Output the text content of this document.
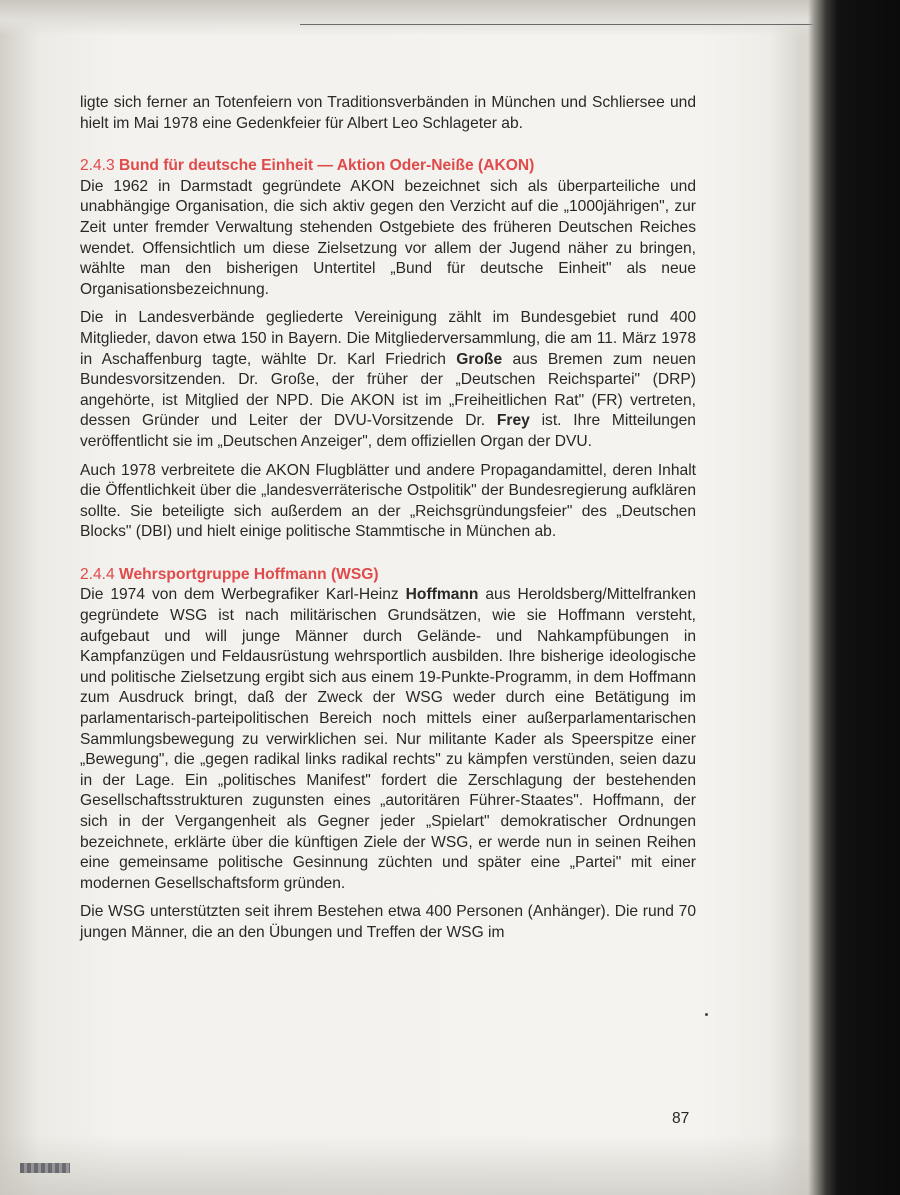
ligte sich ferner an Totenfeiern von Traditionsverbänden in München und Schliersee und hielt im Mai 1978 eine Gedenkfeier für Albert Leo Schlageter ab.

2.4.3 Bund für deutsche Einheit — Aktion Oder-Neiße (AKON)

Die 1962 in Darmstadt gegründete AKON bezeichnet sich als überparteiliche und unabhängige Organisation, die sich aktiv gegen den Verzicht auf die „1000jährigen", zur Zeit unter fremder Verwaltung stehenden Ostgebiete des früheren Deutschen Reiches wendet. Offensichtlich um diese Zielsetzung vor allem der Jugend näher zu bringen, wählte man den bisherigen Untertitel „Bund für deutsche Einheit" als neue Organisationsbezeichnung.

Die in Landesverbände gegliederte Vereinigung zählt im Bundesgebiet rund 400 Mitglieder, davon etwa 150 in Bayern. Die Mitgliederversammlung, die am 11. März 1978 in Aschaffenburg tagte, wählte Dr. Karl Friedrich Große aus Bremen zum neuen Bundesvorsitzenden. Dr. Große, der früher der „Deutschen Reichspartei" (DRP) angehörte, ist Mitglied der NPD. Die AKON ist im „Freiheitlichen Rat" (FR) vertreten, dessen Gründer und Leiter der DVU-Vorsitzende Dr. Frey ist. Ihre Mitteilungen veröffentlicht sie im „Deutschen Anzeiger", dem offiziellen Organ der DVU.

Auch 1978 verbreitete die AKON Flugblätter und andere Propagandamittel, deren Inhalt die Öffentlichkeit über die „landesverräterische Ostpolitik" der Bundesregierung aufklären sollte. Sie beteiligte sich außerdem an der „Reichsgründungsfeier" des „Deutschen Blocks" (DBI) und hielt einige politische Stammtische in München ab.

2.4.4 Wehrsportgruppe Hoffmann (WSG)

Die 1974 von dem Werbegrafiker Karl-Heinz Hoffmann aus Heroldsberg/Mittelfranken gegründete WSG ist nach militärischen Grundsätzen, wie sie Hoffmann versteht, aufgebaut und will junge Männer durch Gelände- und Nahkampfübungen in Kampfanzügen und Feldausrüstung wehrsportlich ausbilden. Ihre bisherige ideologische und politische Zielsetzung ergibt sich aus einem 19-Punkte-Programm, in dem Hoffmann zum Ausdruck bringt, daß der Zweck der WSG weder durch eine Betätigung im parlamentarisch-parteipolitischen Bereich noch mittels einer außerparlamentarischen Sammlungsbewegung zu verwirklichen sei. Nur militante Kader als Speerspitze einer „Bewegung", die „gegen radikal links radikal rechts" zu kämpfen verstünden, seien dazu in der Lage. Ein „politisches Manifest" fordert die Zerschlagung der bestehenden Gesellschaftsstrukturen zugunsten eines „autoritären Führer-Staates". Hoffmann, der sich in der Vergangenheit als Gegner jeder „Spielart" demokratischer Ordnungen bezeichnete, erklärte über die künftigen Ziele der WSG, er werde nun in seinen Reihen eine gemeinsame politische Gesinnung züchten und später eine „Partei" mit einer modernen Gesellschaftsform gründen.

Die WSG unterstützten seit ihrem Bestehen etwa 400 Personen (Anhänger). Die rund 70 jungen Männer, die an den Übungen und Treffen der WSG im

87
